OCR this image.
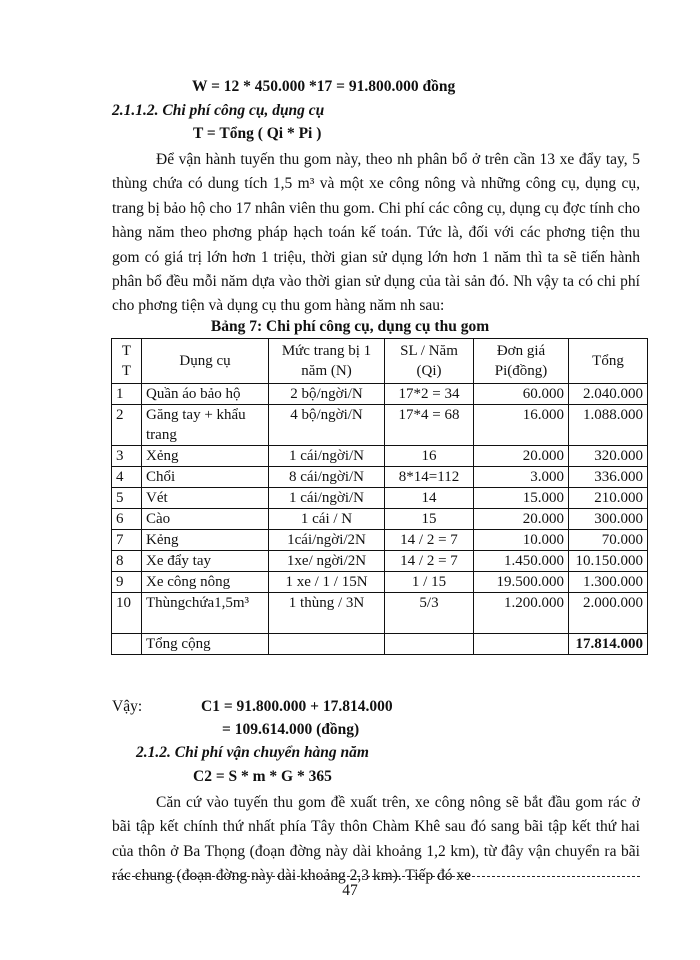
W = 12 * 450.000 *17 = 91.800.000 đồng
2.1.1.2. Chi phí công cụ, dụng cụ
T = Tổng ( Qi * Pi )

Để vận hành tuyến thu gom này, theo nh phân bổ ở trên cần 13 xe đẩy tay, 5 thùng chứa có dung tích 1,5 m³ và một xe công nông và những công cụ, dụng cụ, trang bị bảo hộ cho 17 nhân viên thu gom. Chi phí các công cụ, dụng cụ đợc tính cho hàng năm theo phơng pháp hạch toán kế toán. Tức là, đối với các phơng tiện thu gom có giá trị lớn hơn 1 triệu, thời gian sử dụng lớn hơn 1 năm thì ta sẽ tiến hành phân bổ đều mỗi năm dựa vào thời gian sử dụng của tài sản đó. Nh vậy ta có chi phí cho phơng tiện và dụng cụ thu gom hàng năm nh sau:

Bảng 7: Chi phí công cụ, dụng cụ thu gom
T T	Dụng cụ	Mức trang bị 1 năm (N)	SL / Năm (Qi)	Đơn giá Pi(đồng)	Tổng
1	Quần áo bảo hộ	2 bộ/ngời/N	17*2 = 34	60.000	2.040.000
2	Găng tay + khẩu trang	4 bộ/ngời/N	17*4 = 68	16.000	1.088.000
3	Xẻng	1 cái/ngời/N	16	20.000	320.000
4	Chổi	8 cái/ngời/N	8*14=112	3.000	336.000
5	Vét	1 cái/ngời/N	14	15.000	210.000
6	Cào	1 cái / N	15	20.000	300.000
7	Kẻng	1cái/ngời/2N	14 / 2 = 7	10.000	70.000
8	Xe đẩy tay	1xe/ ngời/2N	14 / 2 = 7	1.450.000	10.150.000
9	Xe công nông	1 xe / 1 / 15N	1 / 15	19.500.000	1.300.000
10	Thùngchứa1,5m³	1 thùng / 3N	5/3	1.200.000	2.000.000
	Tổng cộng				17.814.000
Vậy:	C1 = 91.800.000 + 17.814.000
= 109.614.000 (đồng)
2.1.2. Chi phí vận chuyển hàng năm
C2 = S * m * G * 365

Căn cứ vào tuyến thu gom đề xuất trên, xe công nông sẽ bắt đầu gom rác ở bãi tập kết chính thứ nhất phía Tây thôn Chàm Khê sau đó sang bãi tập kết thứ hai của thôn ở Ba Thọng (đoạn đờng này dài khoảng 1,2 km), từ đây vận chuyển ra bãi rác chung (đoạn đờng này dài khoảng 2,3 km). Tiếp đó xe

47
